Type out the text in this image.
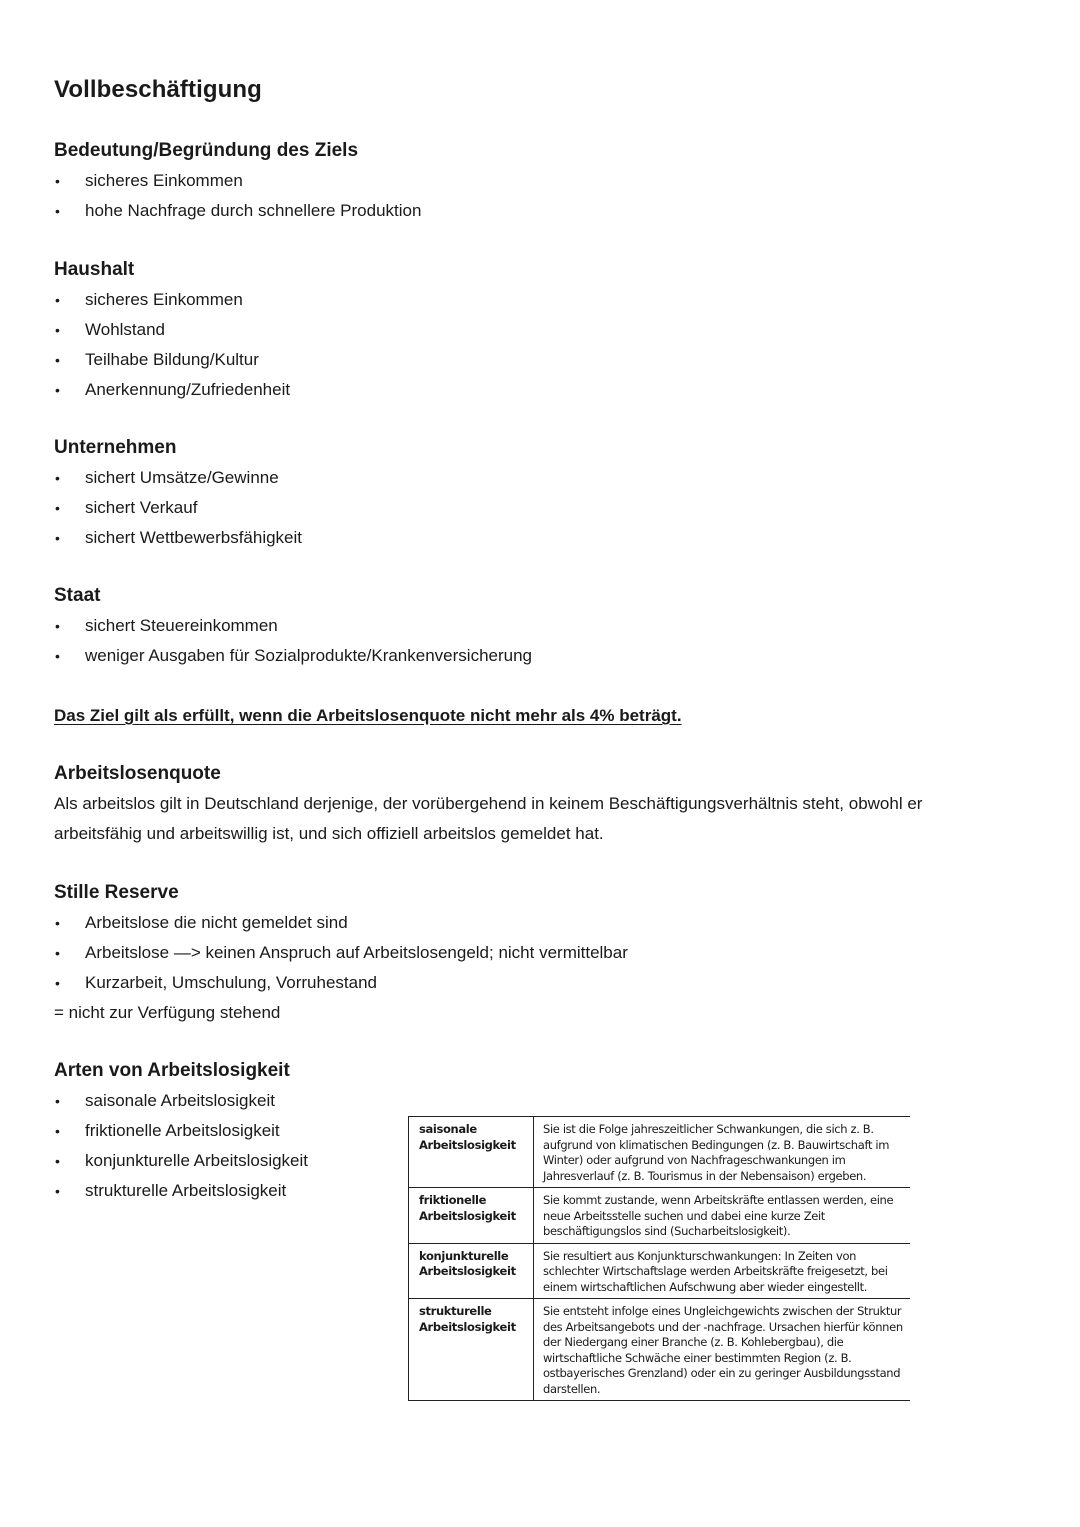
Vollbeschäftigung
Bedeutung/Begründung des Ziels
• sicheres Einkommen
• hohe Nachfrage durch schnellere Produktion
Haushalt
• sicheres Einkommen
• Wohlstand
• Teilhabe Bildung/Kultur
• Anerkennung/Zufriedenheit
Unternehmen
• sichert Umsätze/Gewinne
• sichert Verkauf
• sichert Wettbewerbsfähigkeit
Staat
• sichert Steuereinkommen
• weniger Ausgaben für Sozialprodukte/Krankenversicherung
Das Ziel gilt als erfüllt, wenn die Arbeitslosenquote nicht mehr als 4% beträgt.
Arbeitslosenquote

Als arbeitslos gilt in Deutschland derjenige, der vorübergehend in keinem Beschäftigungsverhältnis steht, obwohl er arbeitsfähig und arbeitswillig ist, und sich offiziell arbeitslos gemeldet hat.

Stille Reserve
• Arbeitslose die nicht gemeldet sind
• Arbeitslose —> keinen Anspruch auf Arbeitslosengeld; nicht vermittelbar
• Kurzarbeit, Umschulung, Vorruhestand

= nicht zur Verfügung stehend

Arten von Arbeitslosigkeit
• saisonale Arbeitslosigkeit
• friktionelle Arbeitslosigkeit
• konjunkturelle Arbeitslosigkeit
• strukturelle Arbeitslosigkeit
saisonale Arbeitslosigkeit	Sie ist die Folge jahreszeitlicher Schwankungen, die sich z. B. aufgrund von klimatischen Bedingungen (z. B. Bauwirtschaft im Winter) oder aufgrund von Nachfrageschwankungen im Jahresverlauf (z. B. Tourismus in der Nebensaison) ergeben.
friktionelle Arbeitslosigkeit	Sie kommt zustande, wenn Arbeitskräfte entlassen werden, eine neue Arbeitsstelle suchen und dabei eine kurze Zeit beschäftigungslos sind (Sucharbeitslosigkeit).
konjunkturelle Arbeitslosigkeit	Sie resultiert aus Konjunkturschwankungen: In Zeiten von schlechter Wirtschaftslage werden Arbeitskräfte freigesetzt, bei einem wirtschaftlichen Aufschwung aber wieder eingestellt.
strukturelle Arbeitslosigkeit	Sie entsteht infolge eines Ungleichgewichts zwischen der Struktur des Arbeitsangebots und der -nachfrage. Ursachen hierfür können der Niedergang einer Branche (z. B. Kohlebergbau), die wirtschaftliche Schwäche einer bestimmten Region (z. B. ostbayerisches Grenzland) oder ein zu geringer Ausbildungsstand darstellen.
